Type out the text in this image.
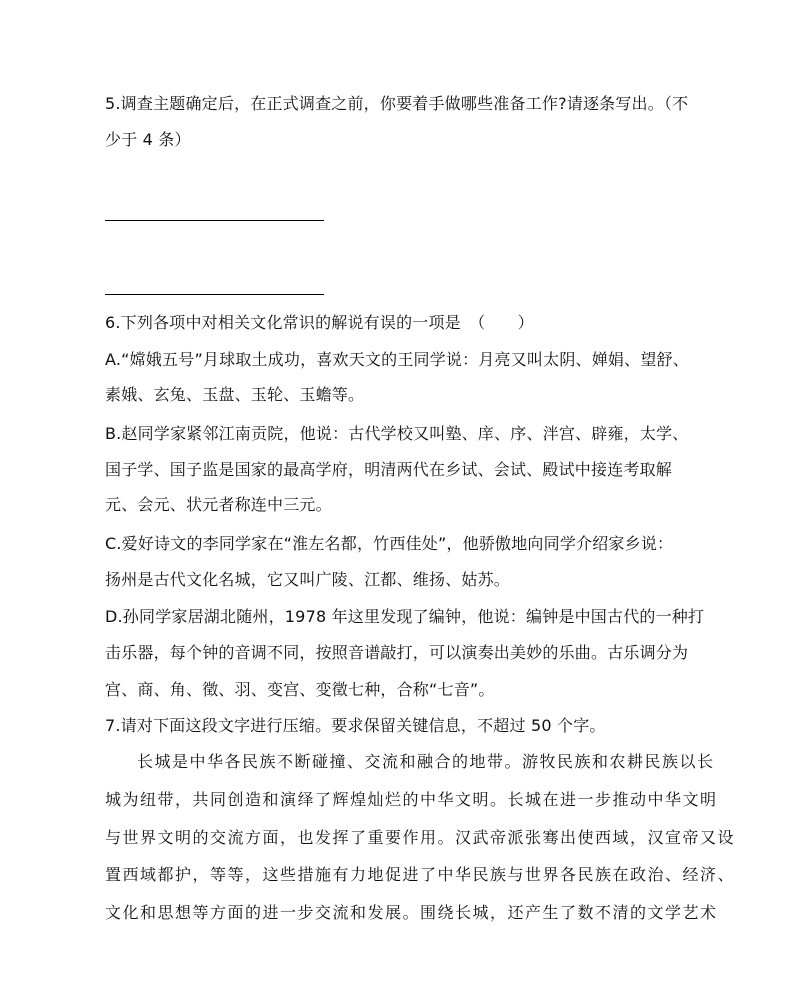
5.调查主题确定后，在正式调查之前，你要着手做哪些准备工作?请逐条写出。（不
少于 4 条）
6.下列各项中对相关文化常识的解说有误的一项是　（　　）
A.“嫦娥五号”月球取土成功，喜欢天文的王同学说：月亮又叫太阴、婵娟、望舒、
素娥、玄兔、玉盘、玉轮、玉蟾等。
B.赵同学家紧邻江南贡院，他说：古代学校又叫塾、庠、序、泮宫、辟雍，太学、
国子学、国子监是国家的最高学府，明清两代在乡试、会试、殿试中接连考取解
元、会元、状元者称连中三元。
C.爱好诗文的李同学家在“淮左名都，竹西佳处”，他骄傲地向同学介绍家乡说：
扬州是古代文化名城，它又叫广陵、江都、维扬、姑苏。
D.孙同学家居湖北随州，1978 年这里发现了编钟，他说：编钟是中国古代的一种打
击乐器，每个钟的音调不同，按照音谱敲打，可以演奏出美妙的乐曲。古乐调分为
宫、商、角、徵、羽、变宫、变徵七种，合称“七音”。
7.请对下面这段文字进行压缩。要求保留关键信息，不超过 50 个字。
长城是中华各民族不断碰撞、交流和融合的地带。游牧民族和农耕民族以长
城为纽带，共同创造和演绎了辉煌灿烂的中华文明。长城在进一步推动中华文明
与世界文明的交流方面，也发挥了重要作用。汉武帝派张骞出使西域，汉宣帝又设
置西域都护，等等，这些措施有力地促进了中华民族与世界各民族在政治、经济、
文化和思想等方面的进一步交流和发展。围绕长城，还产生了数不清的文学艺术
